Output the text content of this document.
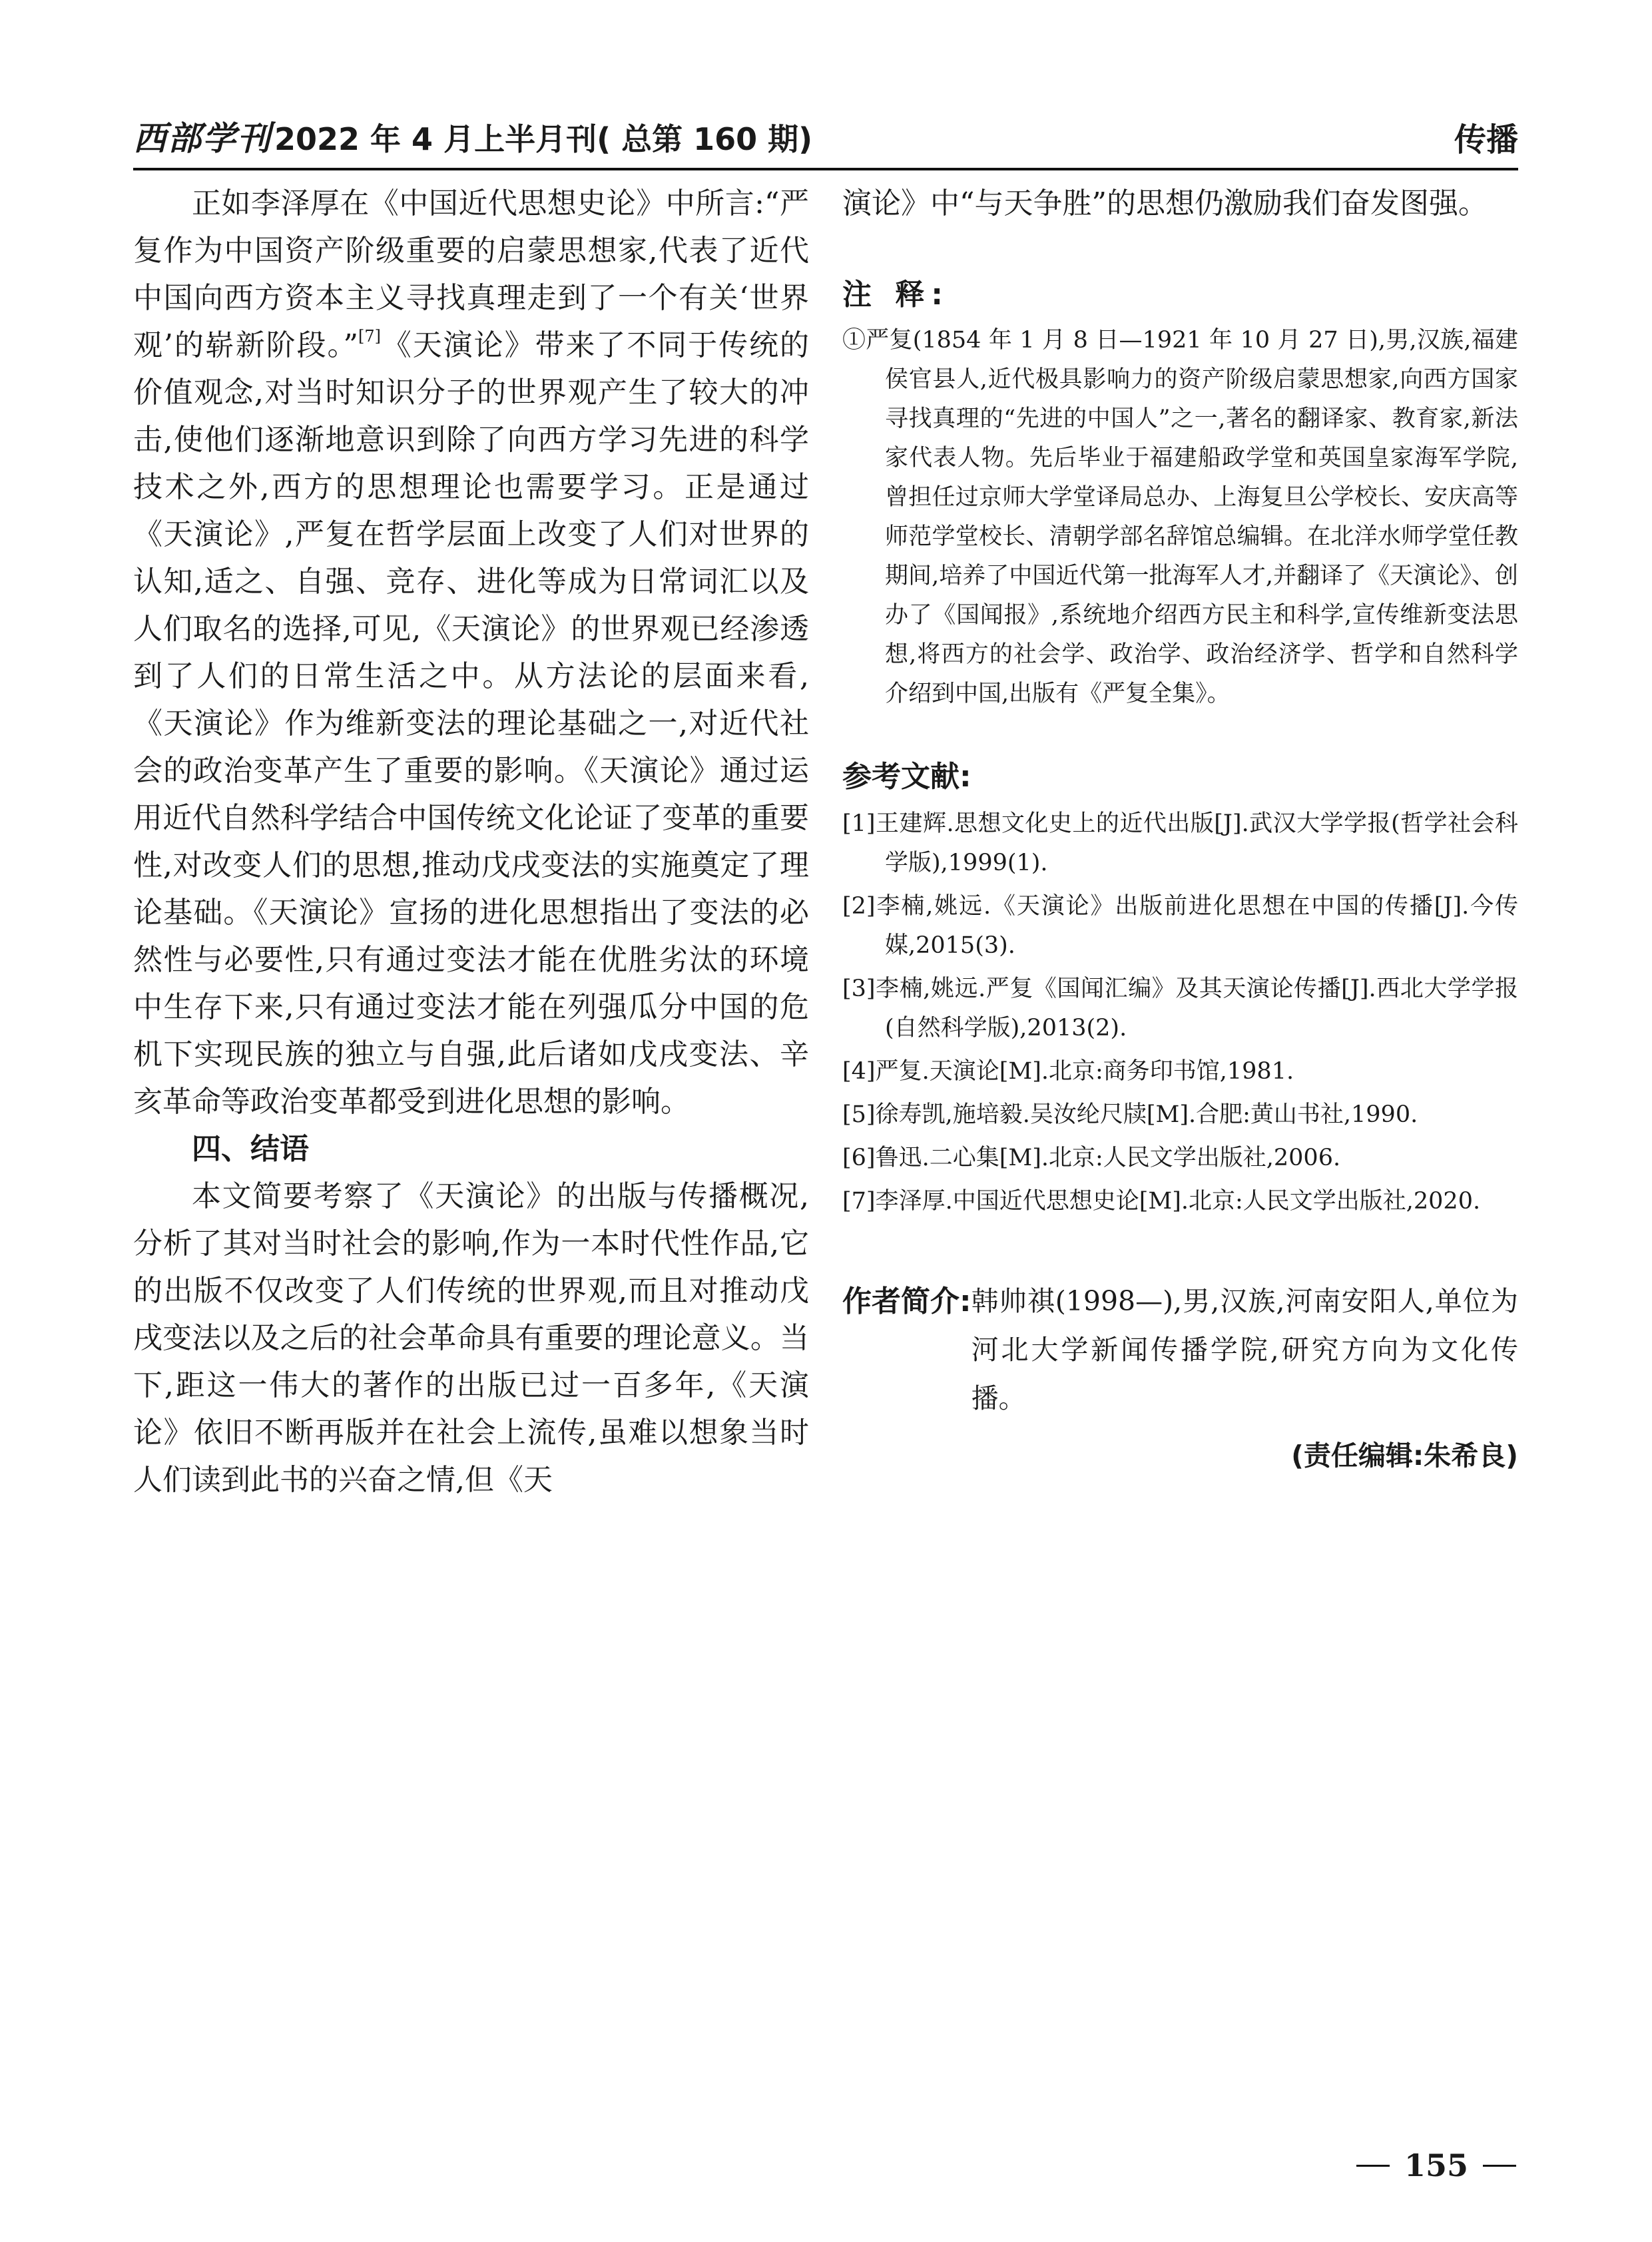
西部学刊 2022 年 4 月上半月刊( 总第 160 期)	传播

正如李泽厚在《中国近代思想史论》中所言:“严复作为中国资产阶级重要的启蒙思想家,代表了近代中国向西方资本主义寻找真理走到了一个有关‘世界观’的崭新阶段。”[7]《天演论》带来了不同于传统的价值观念,对当时知识分子的世界观产生了较大的冲击,使他们逐渐地意识到除了向西方学习先进的科学技术之外,西方的思想理论也需要学习。正是通过《天演论》,严复在哲学层面上改变了人们对世界的认知,适之、自强、竞存、进化等成为日常词汇以及人们取名的选择,可见,《天演论》的世界观已经渗透到了人们的日常生活之中。从方法论的层面来看,《天演论》作为维新变法的理论基础之一,对近代社会的政治变革产生了重要的影响。《天演论》通过运用近代自然科学结合中国传统文化论证了变革的重要性,对改变人们的思想,推动戊戌变法的实施奠定了理论基础。《天演论》宣扬的进化思想指出了变法的必然性与必要性,只有通过变法才能在优胜劣汰的环境中生存下来,只有通过变法才能在列强瓜分中国的危机下实现民族的独立与自强,此后诸如戊戌变法、辛亥革命等政治变革都受到进化思想的影响。

四、结语

本文简要考察了《天演论》的出版与传播概况,分析了其对当时社会的影响,作为一本时代性作品,它的出版不仅改变了人们传统的世界观,而且对推动戊戌变法以及之后的社会革命具有重要的理论意义。当下,距这一伟大的著作的出版已过一百多年,《天演论》依旧不断再版并在社会上流传,虽难以想象当时人们读到此书的兴奋之情,但《天

演论》中“与天争胜”的思想仍激励我们奋发图强。

注 释:

①严复(1854 年 1 月 8 日—1921 年 10 月 27 日),男,汉族,福建侯官县人,近代极具影响力的资产阶级启蒙思想家,向西方国家寻找真理的“先进的中国人”之一,著名的翻译家、教育家,新法家代表人物。先后毕业于福建船政学堂和英国皇家海军学院,曾担任过京师大学堂译局总办、上海复旦公学校长、安庆高等师范学堂校长、清朝学部名辞馆总编辑。在北洋水师学堂任教期间,培养了中国近代第一批海军人才,并翻译了《天演论》、创办了《国闻报》,系统地介绍西方民主和科学,宣传维新变法思想,将西方的社会学、政治学、政治经济学、哲学和自然科学介绍到中国,出版有《严复全集》。

参考文献:

[1]王建辉.思想文化史上的近代出版[J].武汉大学学报(哲学社会科学版),1999(1).

[2]李楠,姚远.《天演论》出版前进化思想在中国的传播[J].今传媒,2015(3).

[3]李楠,姚远.严复《国闻汇编》及其天演论传播[J].西北大学学报(自然科学版),2013(2).

[4]严复.天演论[M].北京:商务印书馆,1981.

[5]徐寿凯,施培毅.吴汝纶尺牍[M].合肥:黄山书社,1990.

[6]鲁迅.二心集[M].北京:人民文学出版社,2006.

[7]李泽厚.中国近代思想史论[M].北京:人民文学出版社,2020.

作者简介: 韩帅祺(1998—),男,汉族,河南安阳人,单位为河北大学新闻传播学院,研究方向为文化传播。
(责任编辑:朱希良)
155
